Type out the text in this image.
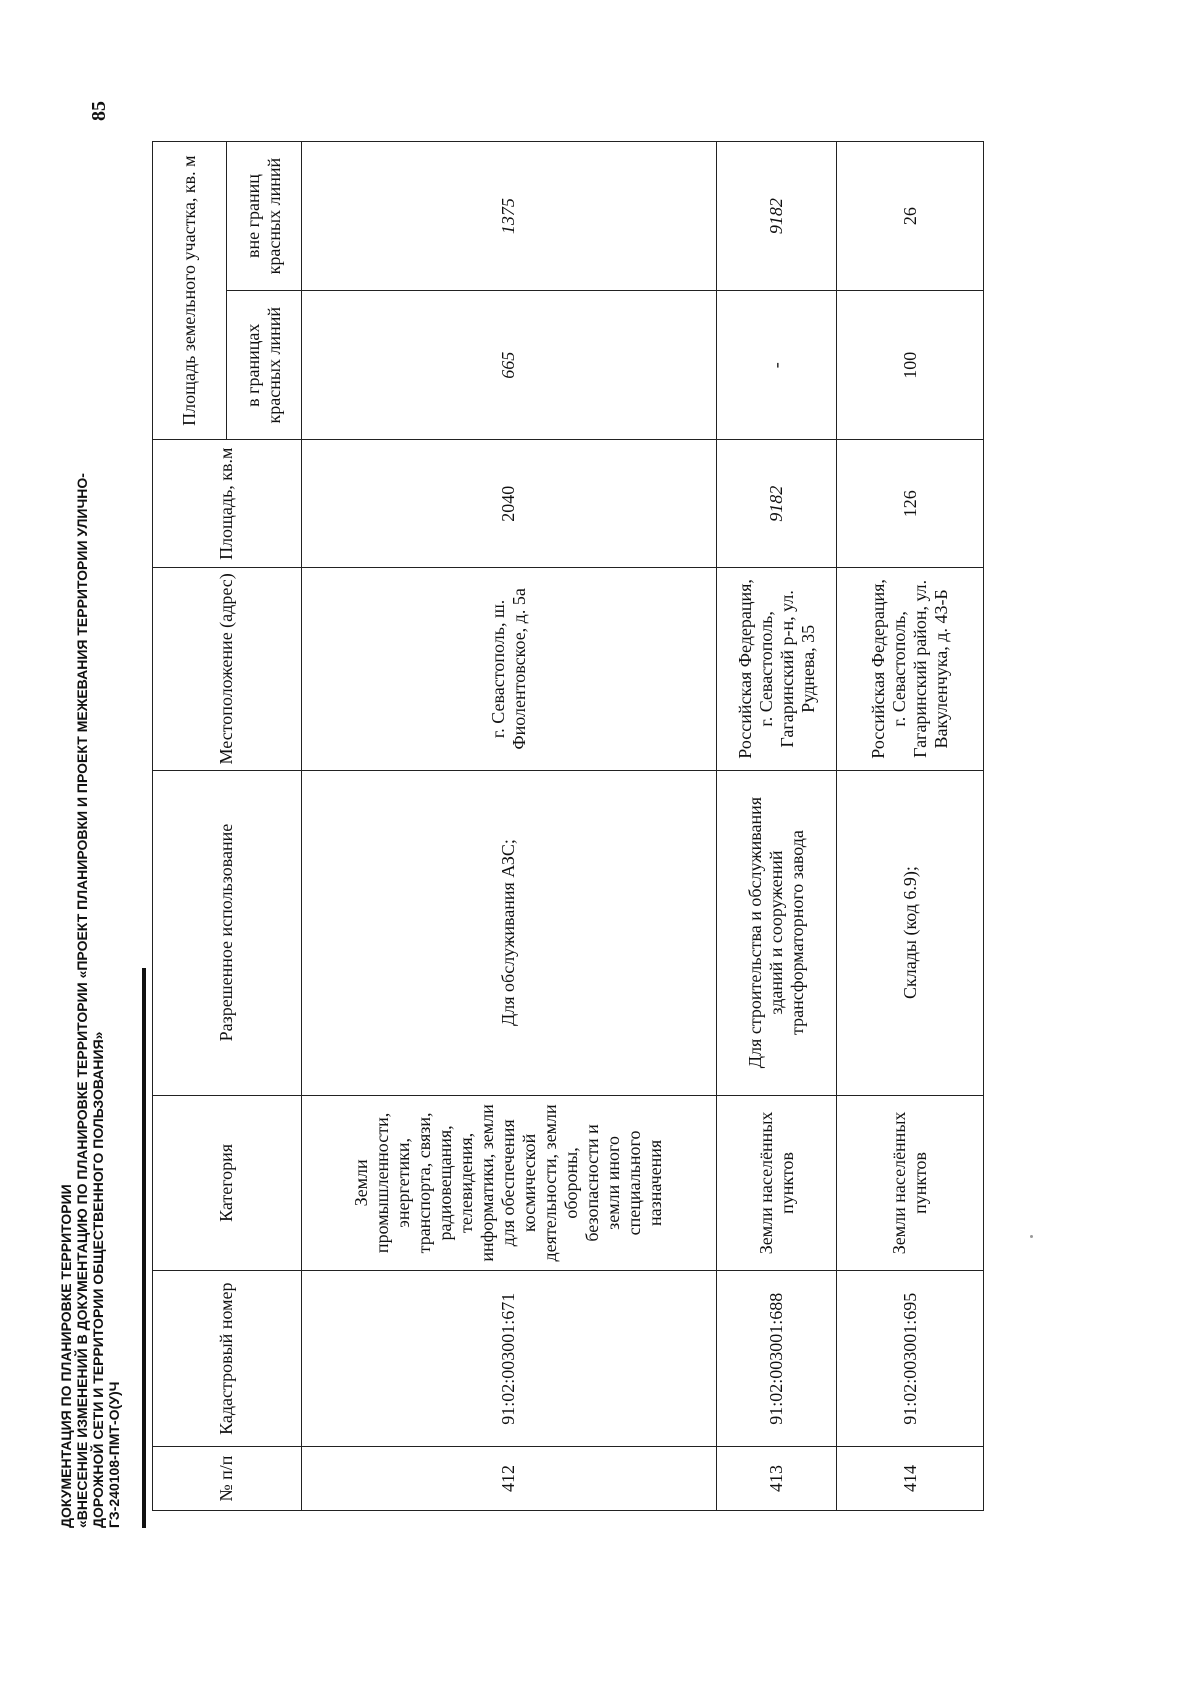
85
ДОКУМЕНТАЦИЯ ПО ПЛАНИРОВКЕ ТЕРРИТОРИИ «ВНЕСЕНИЕ ИЗМЕНЕНИЙ В ДОКУМЕНТАЦИЮ ПО ПЛАНИРОВКЕ ТЕРРИТОРИИ «ПРОЕКТ ПЛАНИРОВКИ И ПРОЕКТ МЕЖЕВАНИЯ ТЕРРИТОРИИ УЛИЧНО- ДОРОЖНОЙ СЕТИ И ТЕРРИТОРИИ ОБЩЕСТВЕННОГО ПОЛЬЗОВАНИЯ» ГЗ-240108-ПМТ-О(У)Ч	№ п/п	Кадастровый номер	Категория	Разрешенное использование	Местоположение (адрес)	Площадь, кв.м	Площадь земельного участка, кв. м	
						в границах красных линий	вне границ красных линий
412	91:02:003001:671	Земли промышленности, энергетики, транспорта, связи, радиовещания, телевидения, информатики, земли для обеспечения космической деятельности, земли обороны, безопасности и земли иного специального назначения	Для обслуживания АЗС;	г. Севастополь, ш. Фиолентовское, д. 5а	2040	665	1375
413	91:02:003001:688	Земли населённых пунктов	Для строительства и обслуживания зданий и сооружений трансформаторного завода	Российская Федерация, г. Севастополь, Гагаринский р-н, ул. Руднева, 35	9182	-	9182
414	91:02:003001:695	Земли населённых пунктов	Склады (код 6.9);	Российская Федерация, г. Севастополь, Гагаринский район, ул. Вакуленчука, д. 43-Б	126	100	26
